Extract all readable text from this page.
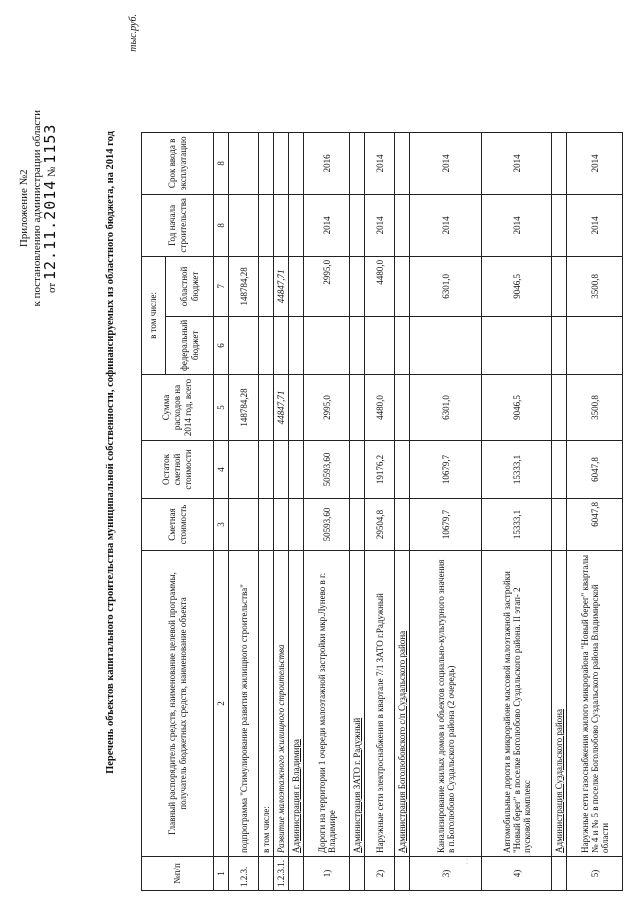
Приложение №2 к постановлению администрации области от 12.11.2014 № 1153	Перечень объектов капитального строительства муниципальной собственности, софинансируемых из областного бюджета, на 2014 год
тыс.руб.
· ·
№п/п	Главный распорядитель средств, наименование целевой программы, получатель бюджетных средств, наименование объекта	Сметная стоимость	Остаток сметной стоимости	Сумма расходов на 2014 год, всего	в том числе:		Год начала строительства	Срок ввода в эксплуатацию
					федеральный бюджет	областной бюджет		
1	2	3	4	5	6	7	8	8
1.2.3.	подпрограмма "Стимулирование развития жилищного строительства"			148784,28		148784,28		
	в том числе:							
1.2.3.1.	Развитие малоэтажного жилищного строительства			44847,71		44847,71		
	Администрация г. Владимира							
1)	Дороги на территории 1 очереди малоэтажной застройки мкр.Лунево в г. Владимире	50593,60	50593,60	2995,0		2995,0	2014	2016
	Администрация ЗАТО г. Радужный							
2)	Наружные сети электроснабжения в квартале 7/1 ЗАТО г.Радужный	29504,8	19176,2	4480,0		4480,0	2014	2014
	Администрация Боголюбовского с/п Суздальского района							
3)	Канализирование жилых домов и объектов социально-культурного значения в п.Боголюбово Суздальского района (2 очередь)	10679,7	10679,7	6301,0		6301,0	2014	2014
4)	Автомобильные дороги в микрорайоне массовой малоэтажной застройки "Новый берег" в поселке Боголюбово Суздальского района. II этап- 2 пусковой комплекс	15333,1	15333,1	9046,5		9046,5	2014	2014
	Администрация Суздальского района							
5)	Наружные сети газоснабжения жилого микрорайона "Новый берег" кварталы № 4 и № 5 в поселке Боголюбово Суздальского района Владимирской области	6047,8	6047,8	3500,8		3500,8	2014	2014
